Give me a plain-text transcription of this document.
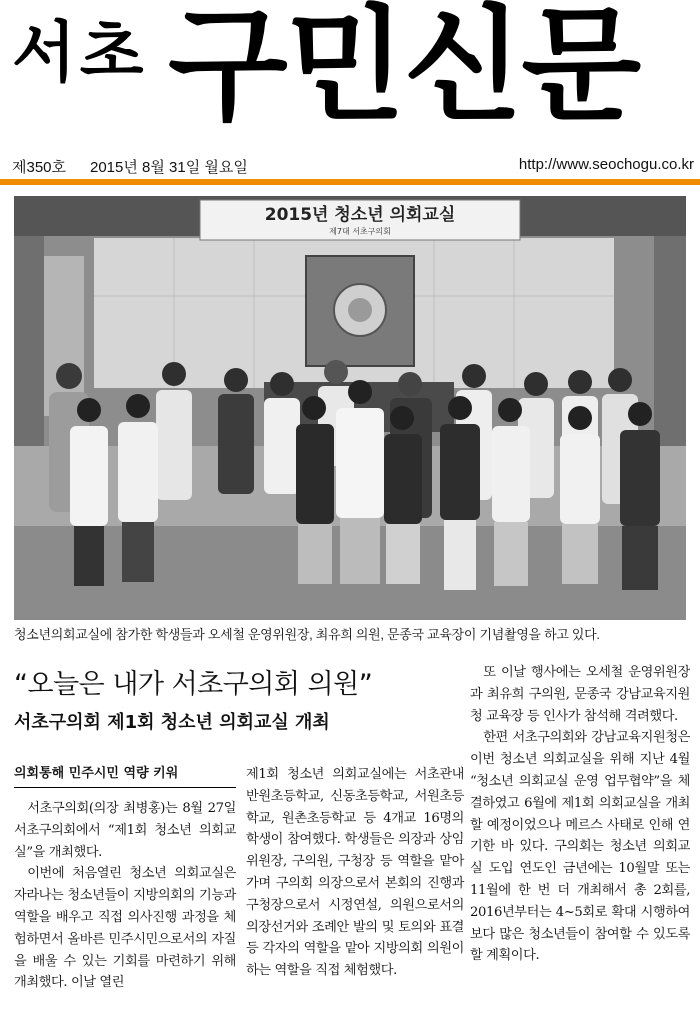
서초 구민신문
제350호 2015년 8월 31일 월요일	http://www.seochogu.co.kr
2015년 청소년 의회교실
제7대 서초구의회
청소년의회교실에 참가한 학생들과 오세철 운영위원장, 최유희 의원, 문종국 교육장이 기념촬영을 하고 있다.
“오늘은 내가 서초구의회 의원”
서초구의회 제1회 청소년 의회교실 개최
의회통해 민주시민 역량 키워

서초구의회(의장 최병홍)는 8월 27일 서초구의회에서 “제1회 청소년 의회교실”을 개최했다.

이번에 처음열린 청소년 의회교실은 자라나는 청소년들이 지방의회의 기능과 역할을 배우고 직접 의사진행 과정을 체험하면서 올바른 민주시민으로서의 자질을 배울 수 있는 기회를 마련하기 위해 개최했다. 이날 열린

제1회 청소년 의회교실에는 서초관내 반원초등학교, 신동초등학교, 서원초등학교, 원촌초등학교 등 4개교 16명의 학생이 참여했다. 학생들은 의장과 상임위원장, 구의원, 구청장 등 역할을 맡아가며 구의회 의장으로서 본회의 진행과 구청장으로서 시정연설, 의원으로서의 의장선거와 조례안 발의 및 토의와 표결 등 각자의 역할을 맡아 지방의회 의원이 하는 역할을 직접 체험했다.

또 이날 행사에는 오세철 운영위원장과 최유희 구의원, 문종국 강남교육지원청 교육장 등 인사가 참석해 격려했다.

한편 서초구의회와 강남교육지원청은 이번 청소년 의회교실을 위해 지난 4월 “청소년 의회교실 운영 업무협약”을 체결하였고 6월에 제1회 의회교실을 개최할 예정이었으나 메르스 사태로 인해 연기한 바 있다. 구의회는 청소년 의회교실 도입 연도인 금년에는 10월말 또는 11월에 한 번 더 개최해서 총 2회를, 2016년부터는 4~5회로 확대 시행하여 보다 많은 청소년들이 참여할 수 있도록 할 계획이다.
